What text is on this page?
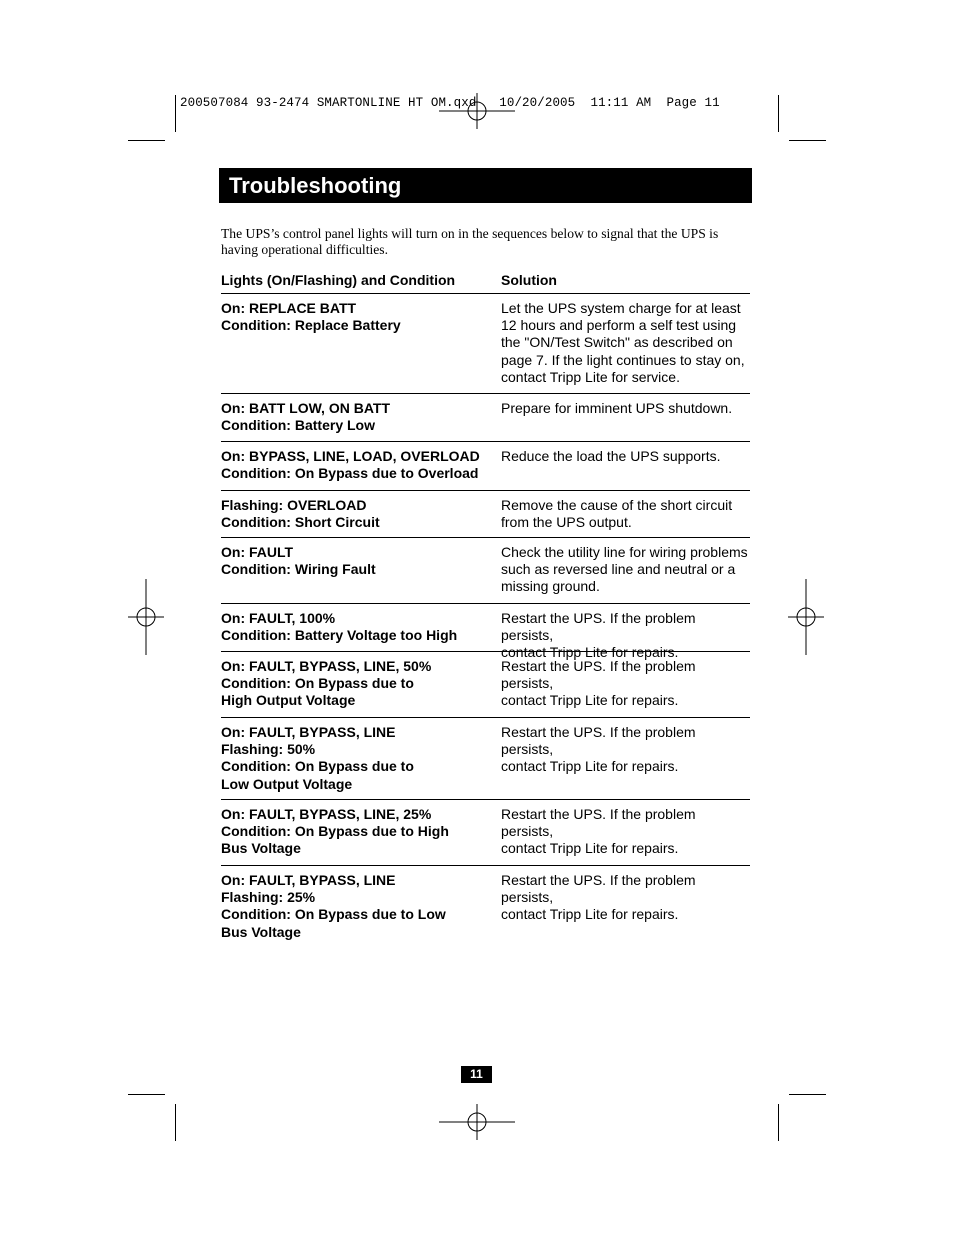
200507084 93-2474 SMARTONLINE HT OM.qxd   10/20/2005  11:11 AM  Page 11
Troubleshooting
The UPS’s control panel lights will turn on in the sequences below to signal that the UPS is having operational difficulties.
Lights (On/Flashing) and Condition	Solution
On: REPLACE BATT
Condition: Replace Battery
Let the UPS system charge for at least
12 hours and perform a self test using
the "ON/Test Switch" as described on
page 7. If the light continues to stay on,
contact Tripp Lite for service.
On: BATT LOW, ON BATT
Condition: Battery Low
Prepare for imminent UPS shutdown.
On: BYPASS, LINE, LOAD, OVERLOAD
Condition: On Bypass due to Overload
Reduce the load the UPS supports.
Flashing: OVERLOAD
Condition: Short Circuit
Remove the cause of the short circuit
from the UPS output.
On: FAULT
Condition: Wiring Fault
Check the utility line for wiring problems
such as reversed line and neutral or a
missing ground.
On: FAULT, 100%
Condition: Battery Voltage too High
Restart the UPS. If the problem persists,
contact Tripp Lite for repairs.
On: FAULT, BYPASS, LINE, 50%
Condition: On Bypass due to
High Output Voltage
Restart the UPS. If the problem persists,
contact Tripp Lite for repairs.
On: FAULT, BYPASS, LINE
Flashing: 50%
Condition: On Bypass due to
Low Output Voltage
Restart the UPS. If the problem persists,
contact Tripp Lite for repairs.
On: FAULT, BYPASS, LINE, 25%
Condition: On Bypass due to High
Bus Voltage
Restart the UPS. If the problem persists,
contact Tripp Lite for repairs.
On: FAULT, BYPASS, LINE
Flashing: 25%
Condition: On Bypass due to Low
Bus Voltage
Restart the UPS. If the problem persists,
contact Tripp Lite for repairs.
11
